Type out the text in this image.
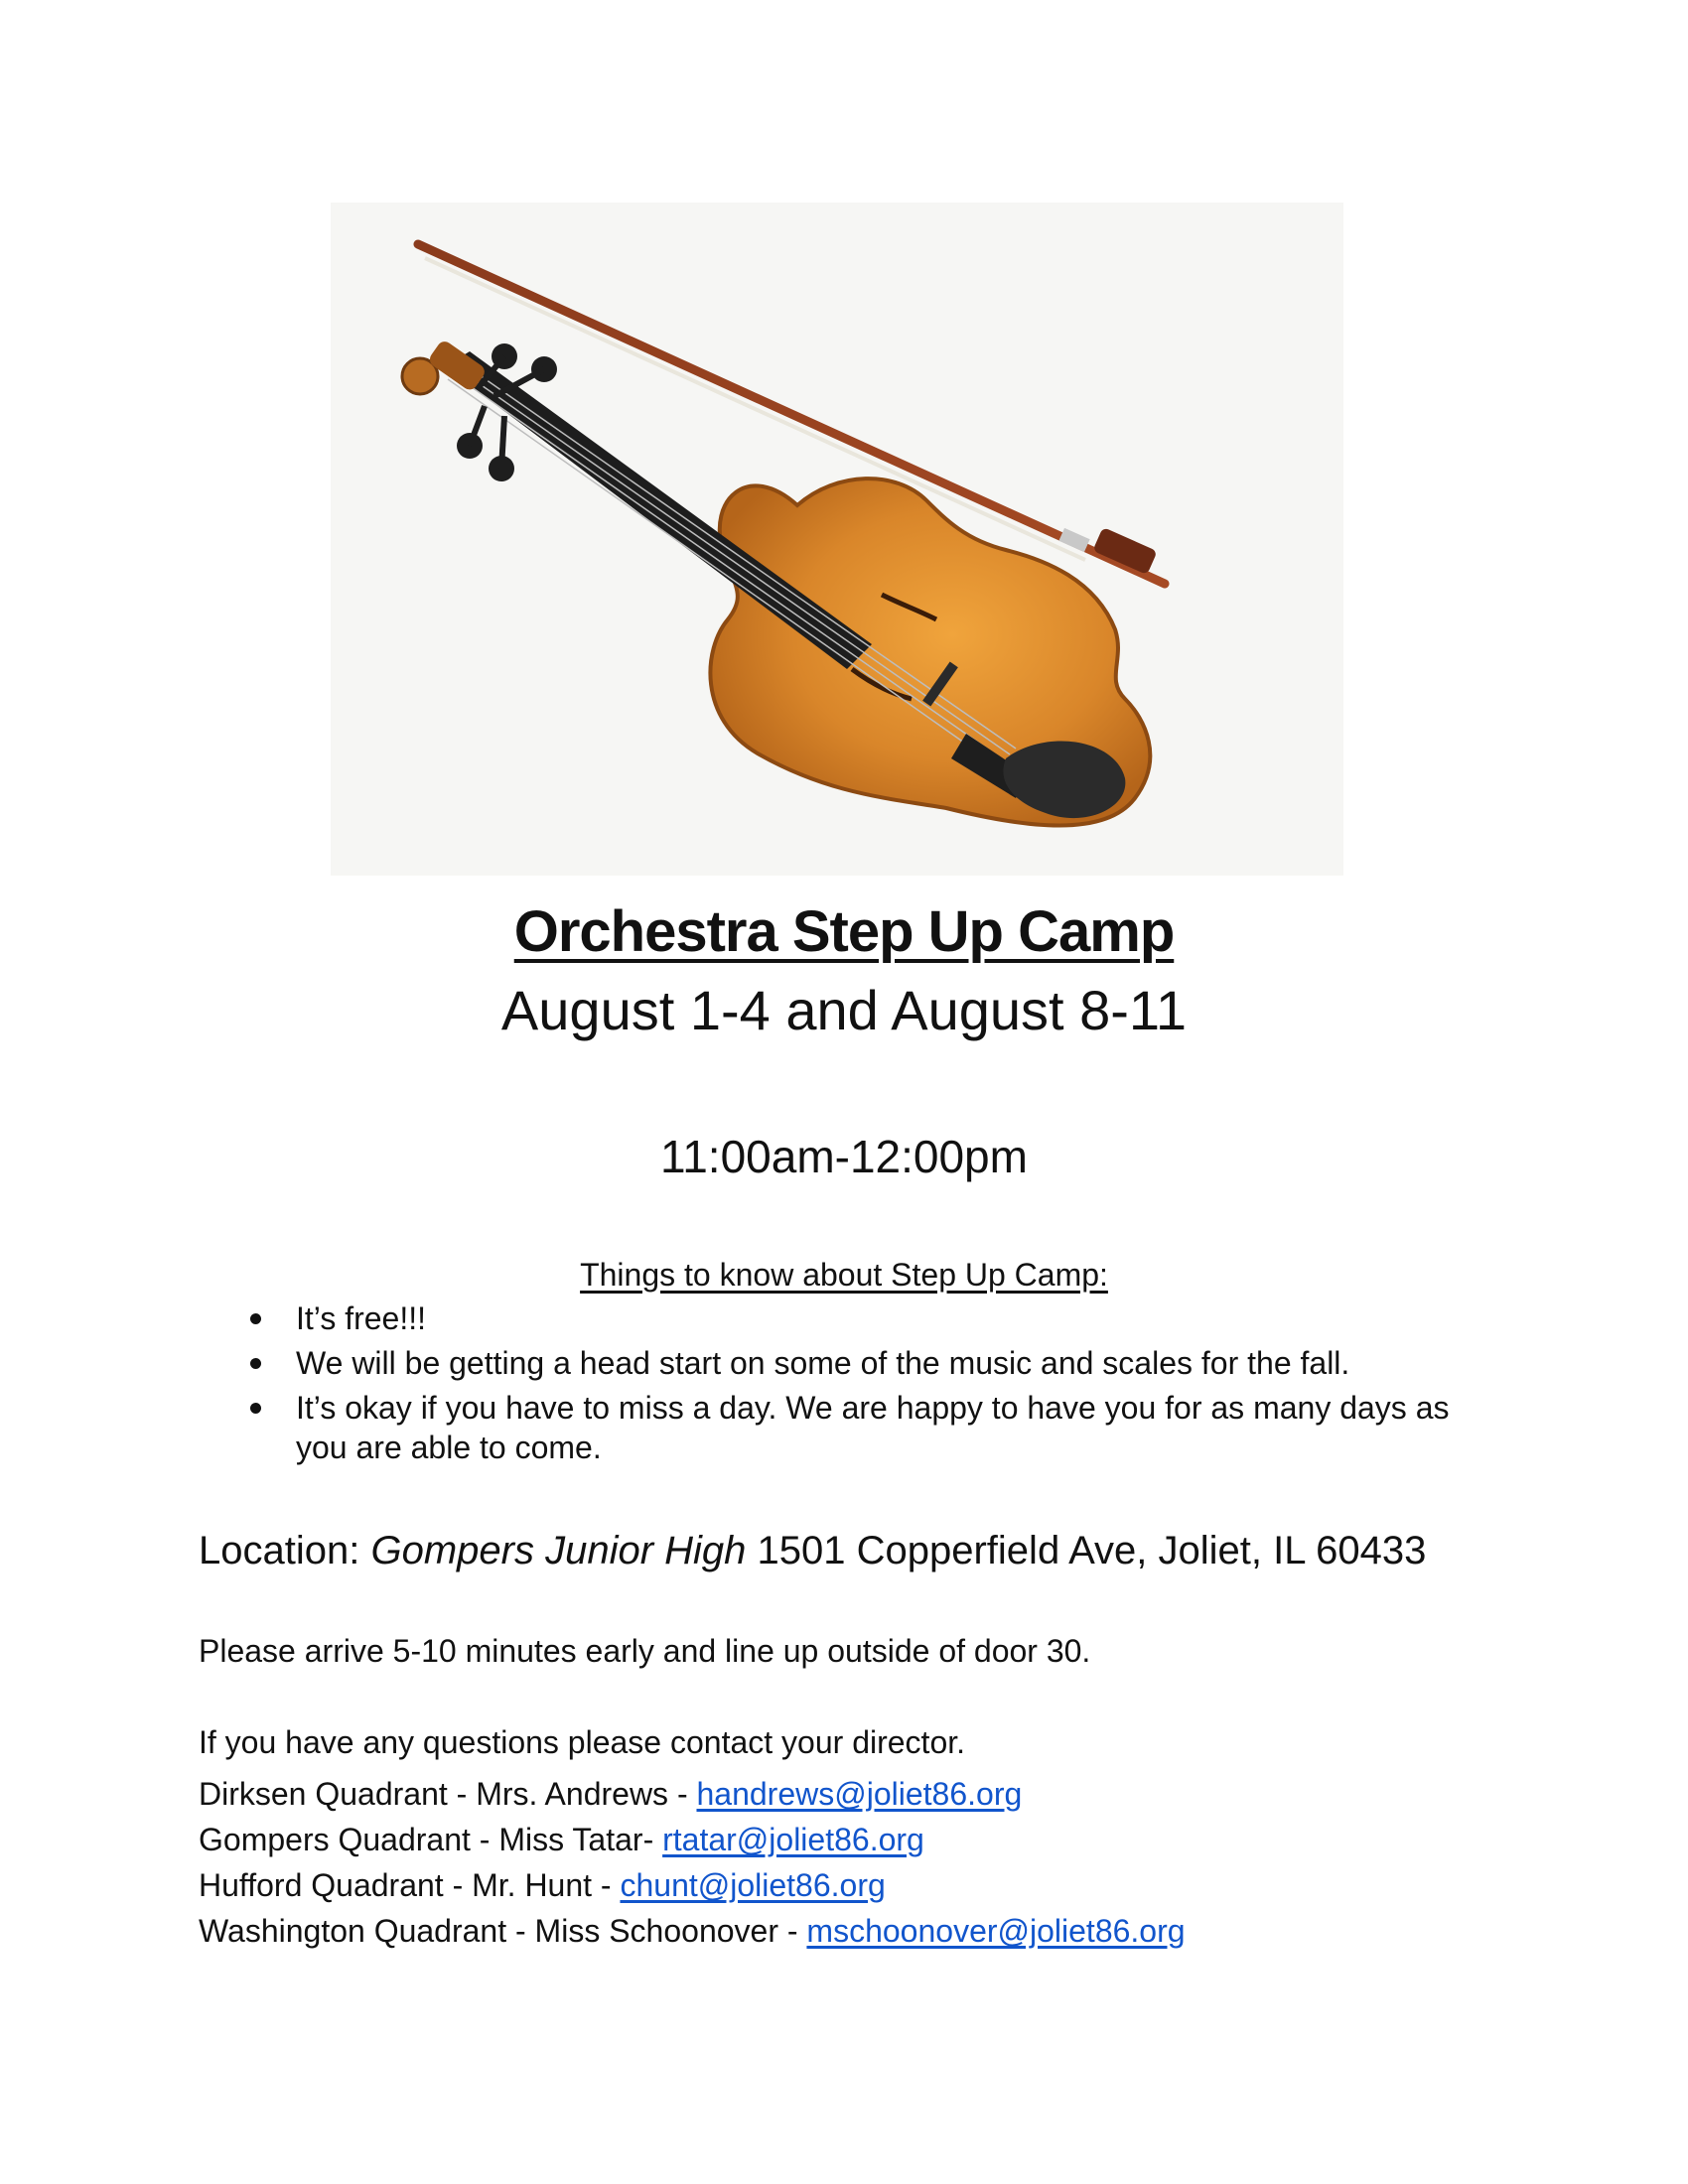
Orchestra Step Up Camp
August 1-4 and August 8-11
11:00am-12:00pm
Things to know about Step Up Camp:
It’s free!!!
We will be getting a head start on some of the music and scales for the fall.
It’s okay if you have to miss a day. We are happy to have you for as many days as you are able to come.
Location: Gompers Junior High 1501 Copperfield Ave, Joliet, IL 60433
Please arrive 5-10 minutes early and line up outside of door 30.
If you have any questions please contact your director.
Dirksen Quadrant - Mrs. Andrews - handrews@joliet86.org
Gompers Quadrant - Miss Tatar- rtatar@joliet86.org
Hufford Quadrant - Mr. Hunt - chunt@joliet86.org
Washington Quadrant - Miss Schoonover - mschoonover@joliet86.org
